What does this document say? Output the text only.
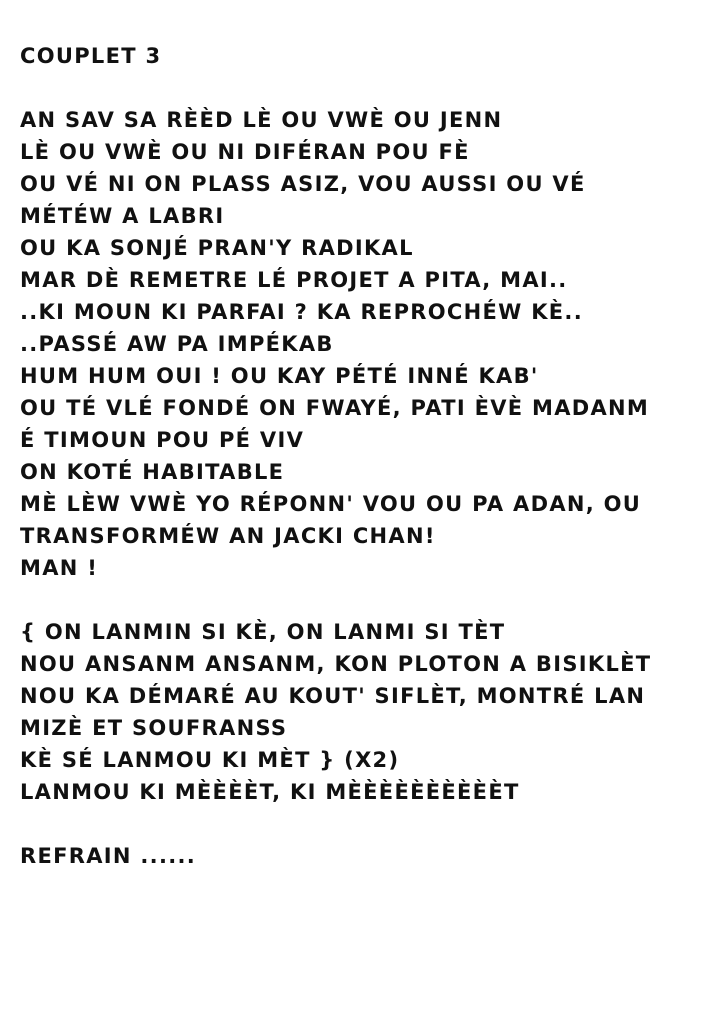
COUPLET 3
AN SAV SA RÈÈD LÈ OU VWÈ OU JENN
LÈ OU VWÈ OU NI DIFÉRAN POU FÈ
OU VÉ NI ON PLASS ASIZ, VOU AUSSI OU VÉ
MÉTÉW A LABRI
OU KA SONJÉ PRAN'Y RADIKAL
MAR DÈ REMETRE LÉ PROJET A PITA, MAI..
..KI MOUN KI PARFAI ? KA REPROCHÉW KÈ..
..PASSÉ AW PA IMPÉKAB
HUM HUM OUI ! OU KAY PÉTÉ INNÉ KAB'
OU TÉ VLÉ FONDÉ ON FWAYÉ, PATI ÈVÈ MADANM
É TIMOUN POU PÉ VIV
ON KOTÉ HABITABLE
MÈ LÈW VWÈ YO RÉPONN' VOU OU PA ADAN, OU
TRANSFORMÉW AN JACKI CHAN!
MAN !
{ ON LANMIN SI KÈ, ON LANMI SI TÈT
NOU ANSANM ANSANM, KON PLOTON A BISIKLÈT
NOU KA DÉMARÉ AU KOUT' SIFLÈT, MONTRÉ LAN
MIZÈ ET SOUFRANSS
KÈ SÉ LANMOU KI MÈT } (X2)
LANMOU KI MÈÈÈÈT, KI MÈÈÈÈÈÈÈÈÈÈT
REFRAIN ......
